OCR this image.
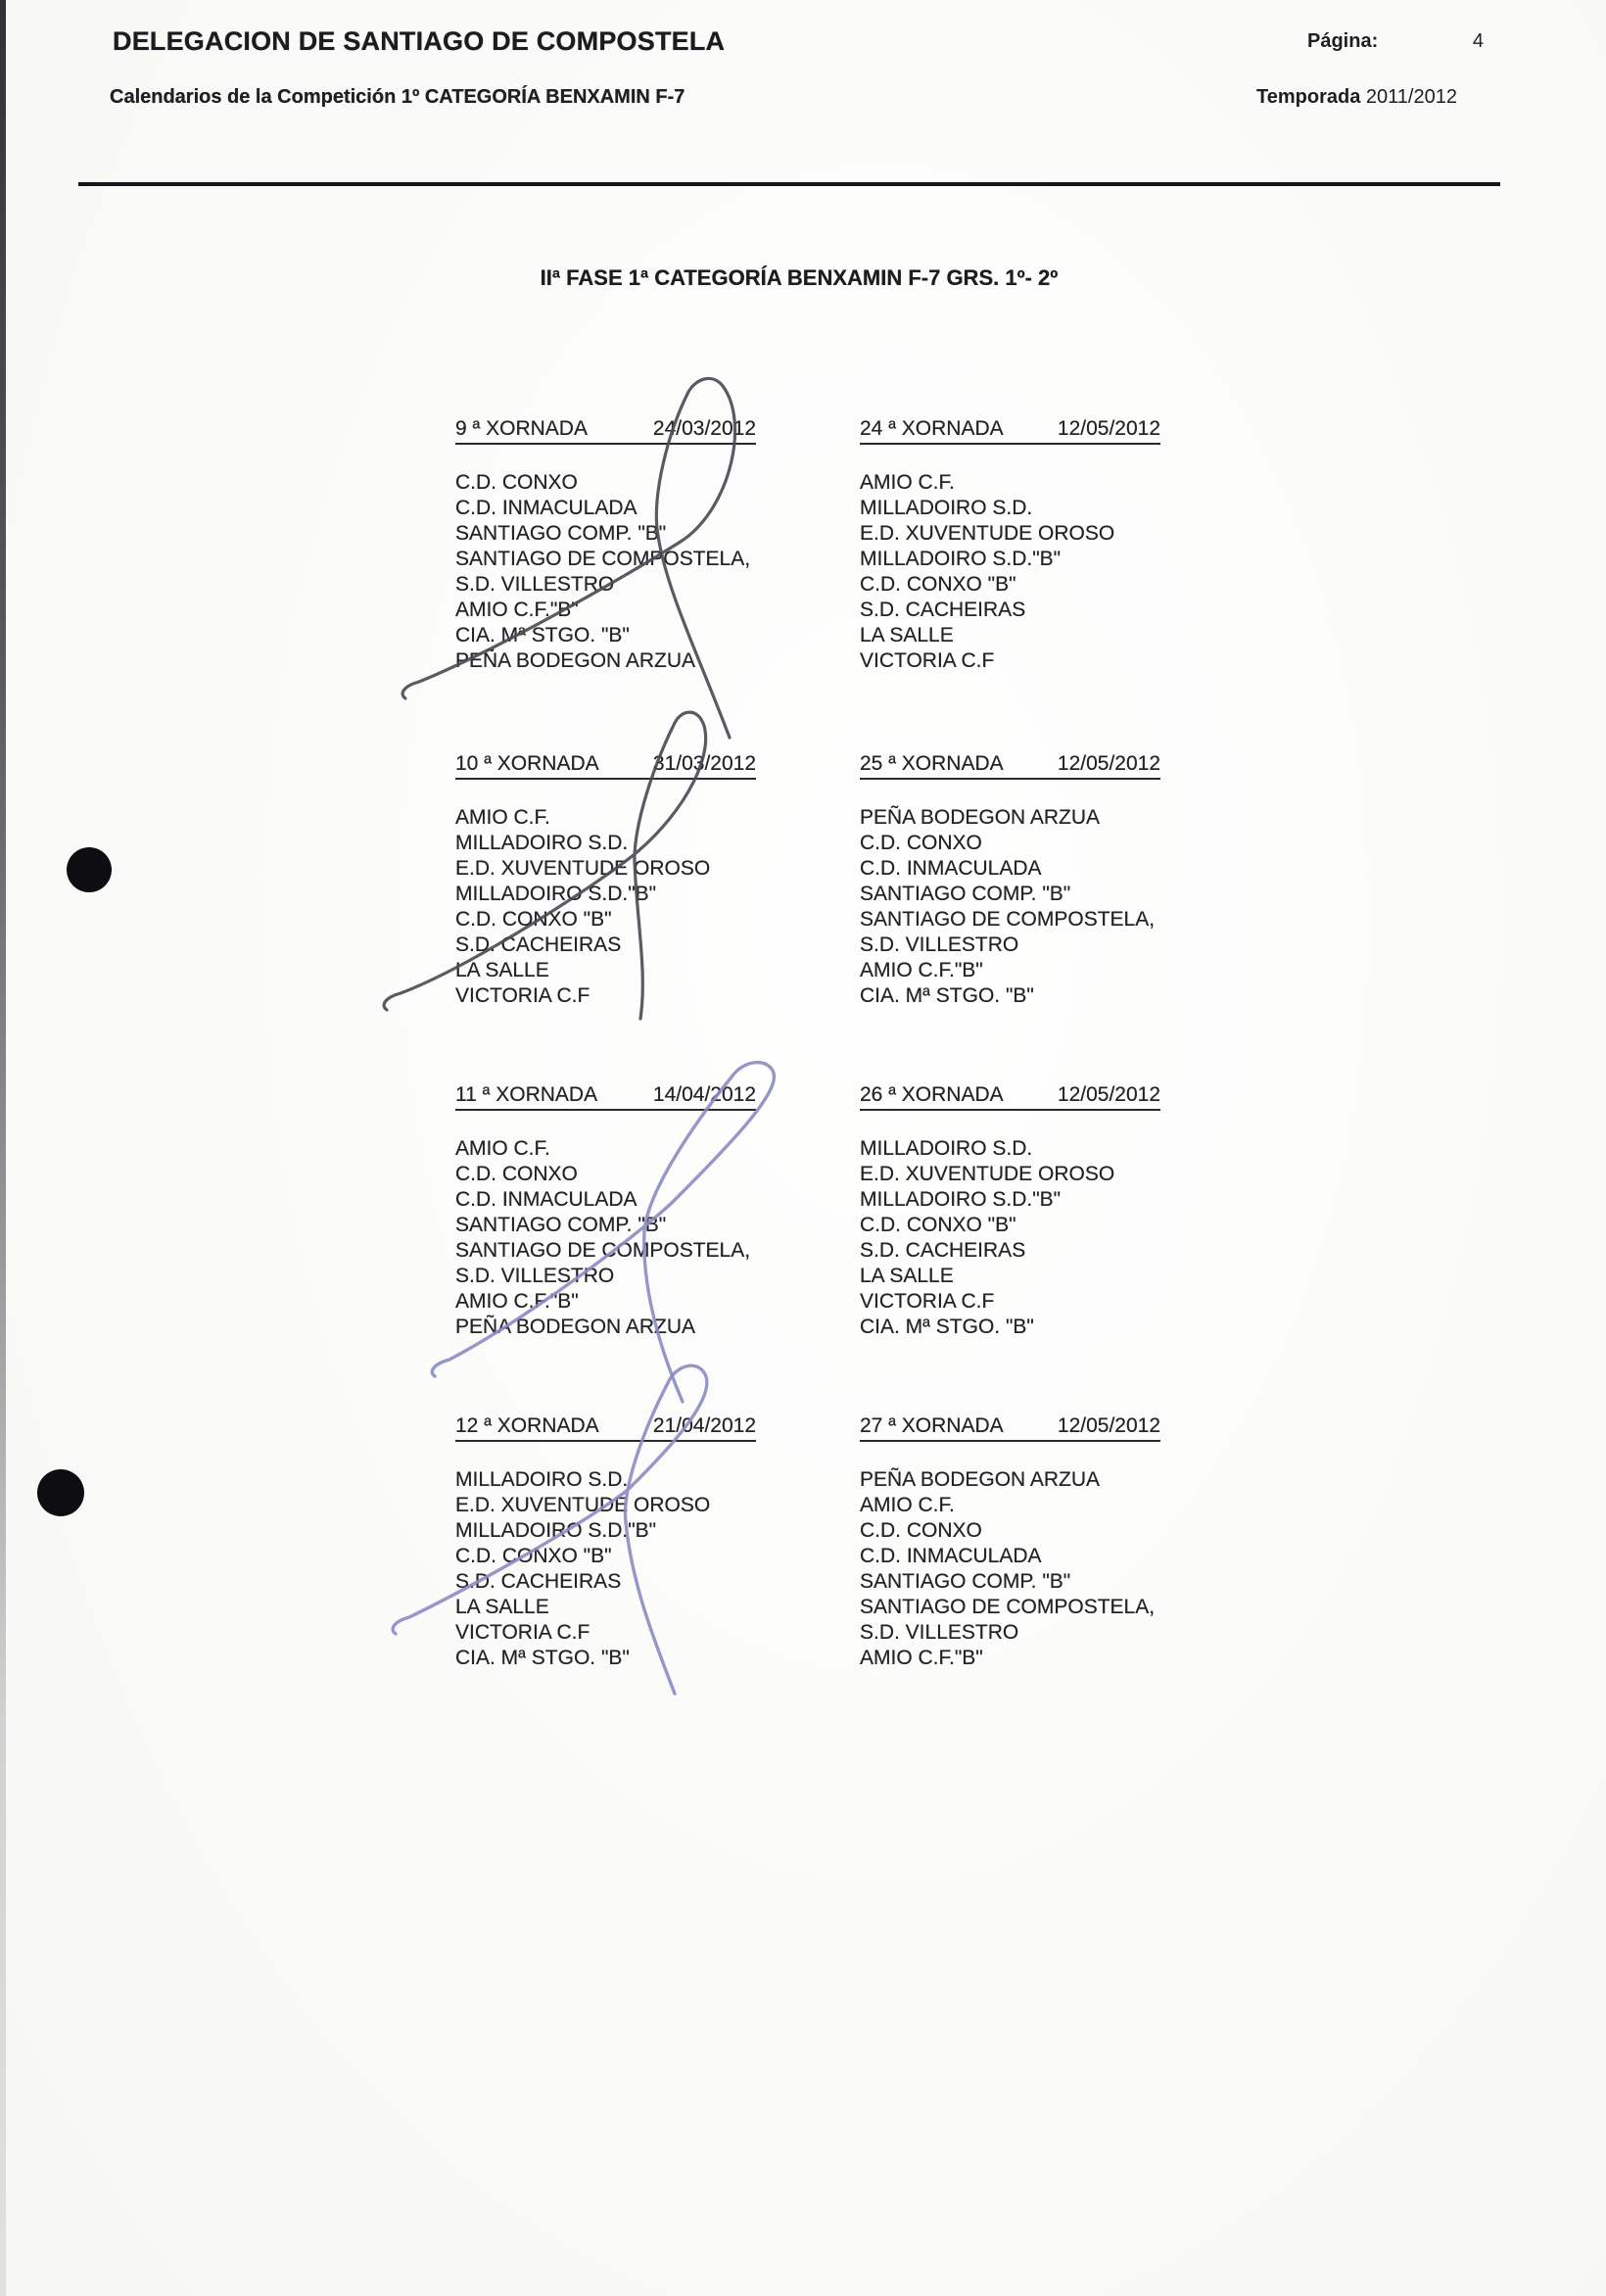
DELEGACION DE SANTIAGO DE COMPOSTELA
Calendarios de la Competición 1º CATEGORÍA BENXAMIN F-7
Página:	4
Temporada 2011/2012
IIª FASE 1ª CATEGORÍA BENXAMIN F-7 GRS. 1º- 2º
9 ª XORNADA	24/03/2012
C.D. CONXO
C.D. INMACULADA
SANTIAGO COMP. "B"
SANTIAGO DE COMPOSTELA,
S.D. VILLESTRO
AMIO C.F."B"
CIA. Mª STGO. "B"
PEÑA BODEGON ARZUA
24 ª XORNADA	12/05/2012
AMIO C.F.
MILLADOIRO S.D.
E.D. XUVENTUDE OROSO
MILLADOIRO S.D."B"
C.D. CONXO "B"
S.D. CACHEIRAS
LA SALLE
VICTORIA C.F
10 ª XORNADA	31/03/2012
AMIO C.F.
MILLADOIRO S.D.
E.D. XUVENTUDE OROSO
MILLADOIRO S.D."B"
C.D. CONXO "B"
S.D. CACHEIRAS
LA SALLE
VICTORIA C.F
25 ª XORNADA	12/05/2012
PEÑA BODEGON ARZUA
C.D. CONXO
C.D. INMACULADA
SANTIAGO COMP. "B"
SANTIAGO DE COMPOSTELA,
S.D. VILLESTRO
AMIO C.F."B"
CIA. Mª STGO. "B"
11 ª XORNADA	14/04/2012
AMIO C.F.
C.D. CONXO
C.D. INMACULADA
SANTIAGO COMP. "B"
SANTIAGO DE COMPOSTELA,
S.D. VILLESTRO
AMIO C.F."B"
PEÑA BODEGON ARZUA
26 ª XORNADA	12/05/2012
MILLADOIRO S.D.
E.D. XUVENTUDE OROSO
MILLADOIRO S.D."B"
C.D. CONXO "B"
S.D. CACHEIRAS
LA SALLE
VICTORIA C.F
CIA. Mª STGO. "B"
12 ª XORNADA	21/04/2012
MILLADOIRO S.D.
E.D. XUVENTUDE OROSO
MILLADOIRO S.D."B"
C.D. CONXO "B"
S.D. CACHEIRAS
LA SALLE
VICTORIA C.F
CIA. Mª STGO. "B"
27 ª XORNADA	12/05/2012
PEÑA BODEGON ARZUA
AMIO C.F.
C.D. CONXO
C.D. INMACULADA
SANTIAGO COMP. "B"
SANTIAGO DE COMPOSTELA,
S.D. VILLESTRO
AMIO C.F."B"
